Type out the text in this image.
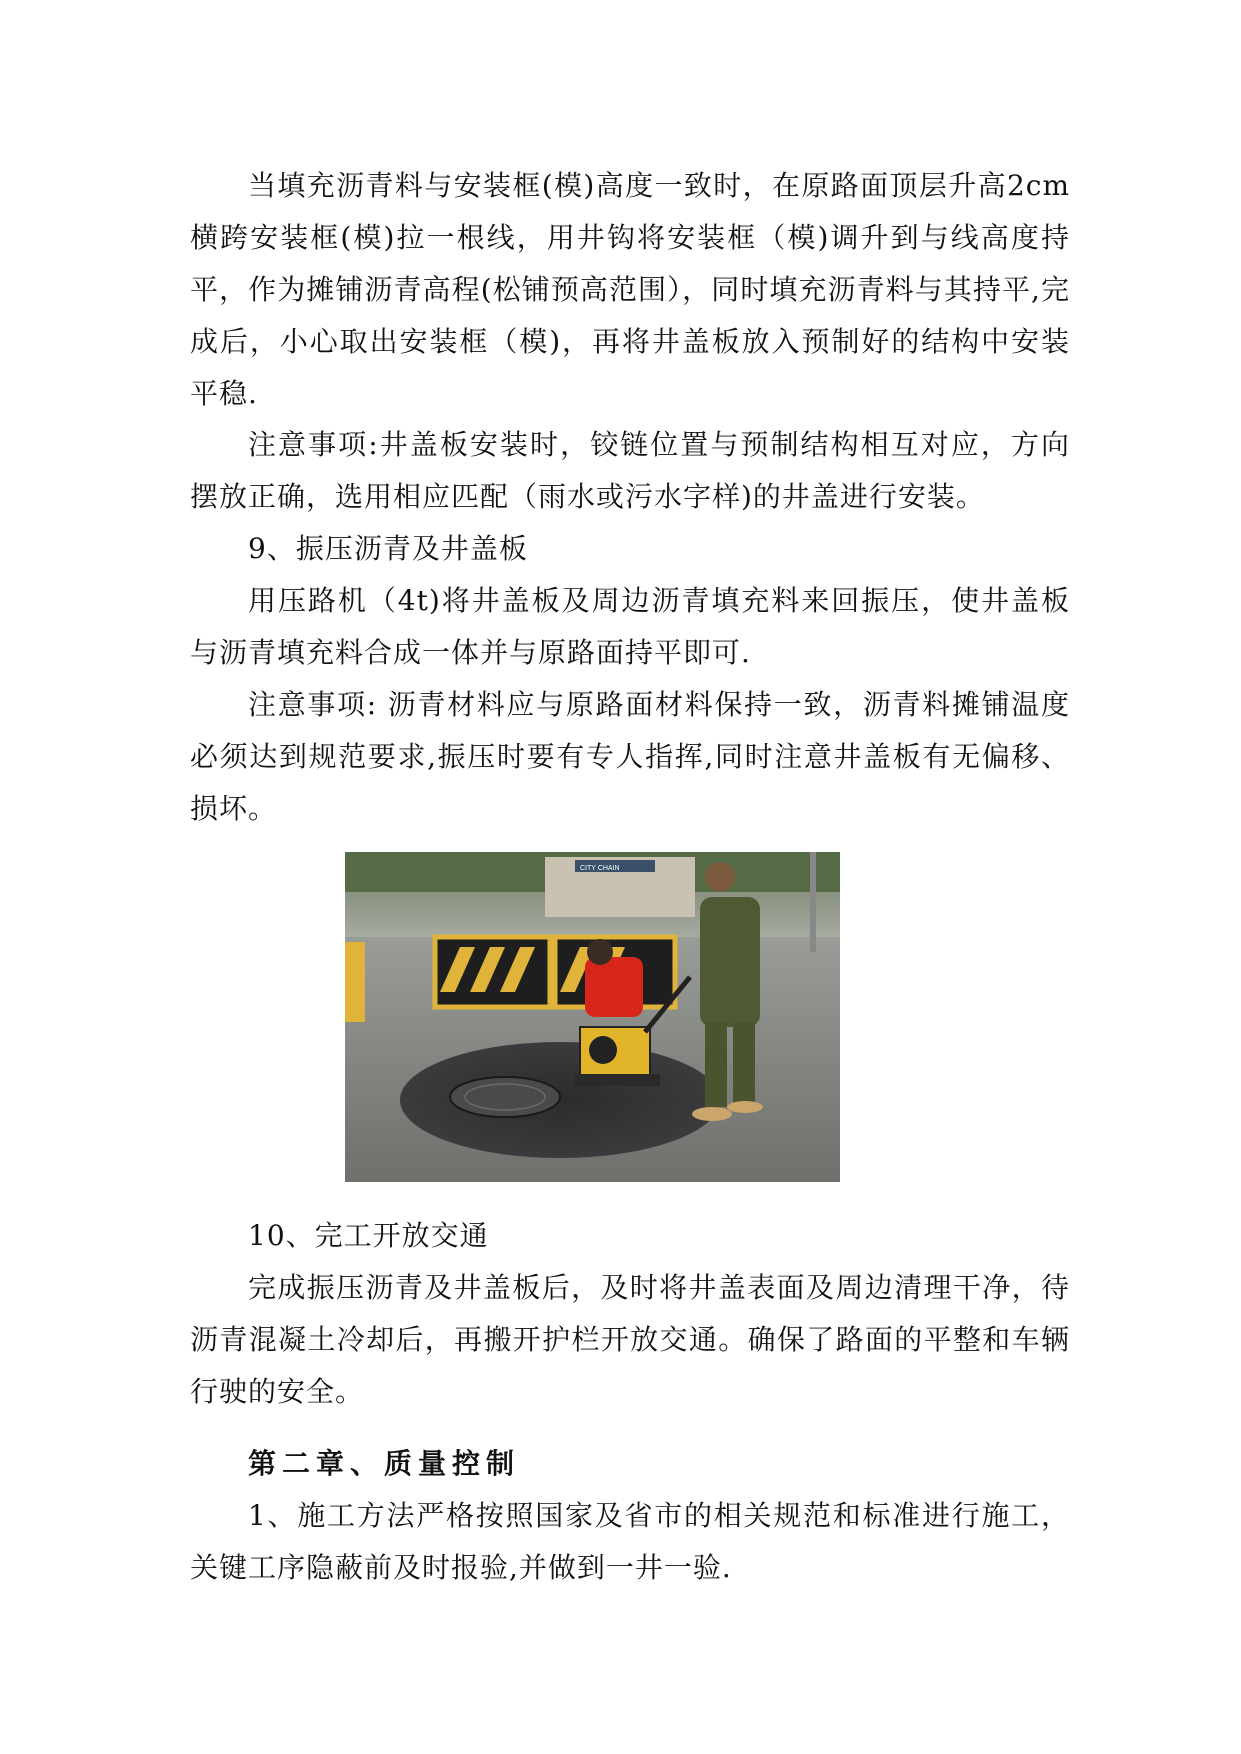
当填充沥青料与安装框(模)高度一致时，在原路面顶层升高2cm横跨安装框(模)拉一根线，用井钩将安装框（模)调升到与线高度持平，作为摊铺沥青高程(松铺预高范围），同时填充沥青料与其持平,完成后，小心取出安装框（模)，再将井盖板放入预制好的结构中安装平稳.
注意事项:井盖板安装时，铰链位置与预制结构相互对应，方向摆放正确，选用相应匹配（雨水或污水字样)的井盖进行安装。
9、振压沥青及井盖板
用压路机（4t)将井盖板及周边沥青填充料来回振压，使井盖板与沥青填充料合成一体并与原路面持平即可.
注意事项: 沥青材料应与原路面材料保持一致，沥青料摊铺温度必须达到规范要求,振压时要有专人指挥,同时注意井盖板有无偏移、损坏。
CITY CHAIN
10、完工开放交通
完成振压沥青及井盖板后，及时将井盖表面及周边清理干净，待沥青混凝土冷却后，再搬开护栏开放交通。确保了路面的平整和车辆行驶的安全。
第二章、质量控制
1、施工方法严格按照国家及省市的相关规范和标准进行施工，关键工序隐蔽前及时报验,并做到一井一验.
